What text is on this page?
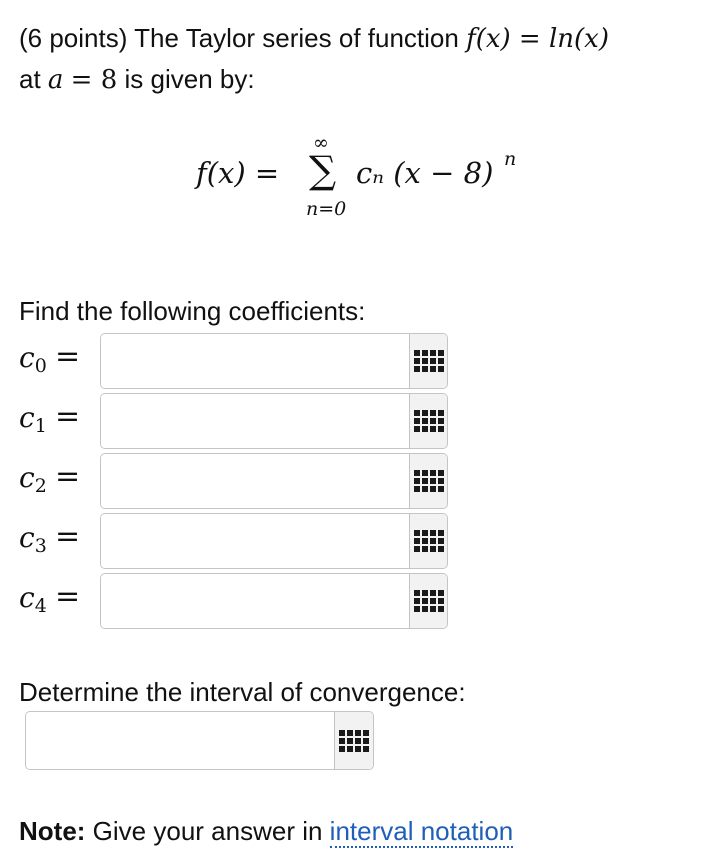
(6 points) The Taylor series of function f(x) = ln(x)
at a = 8 is given by:
f(x) =
∞
∑
n=0
cₙ (x − 8) n
Find the following coefficients:
$c_0$ =
$c_1$ =
$c_2$ =
$c_3$ =
$c_4$ =
Determine the interval of convergence:
Note: Give your answer in interval notation
